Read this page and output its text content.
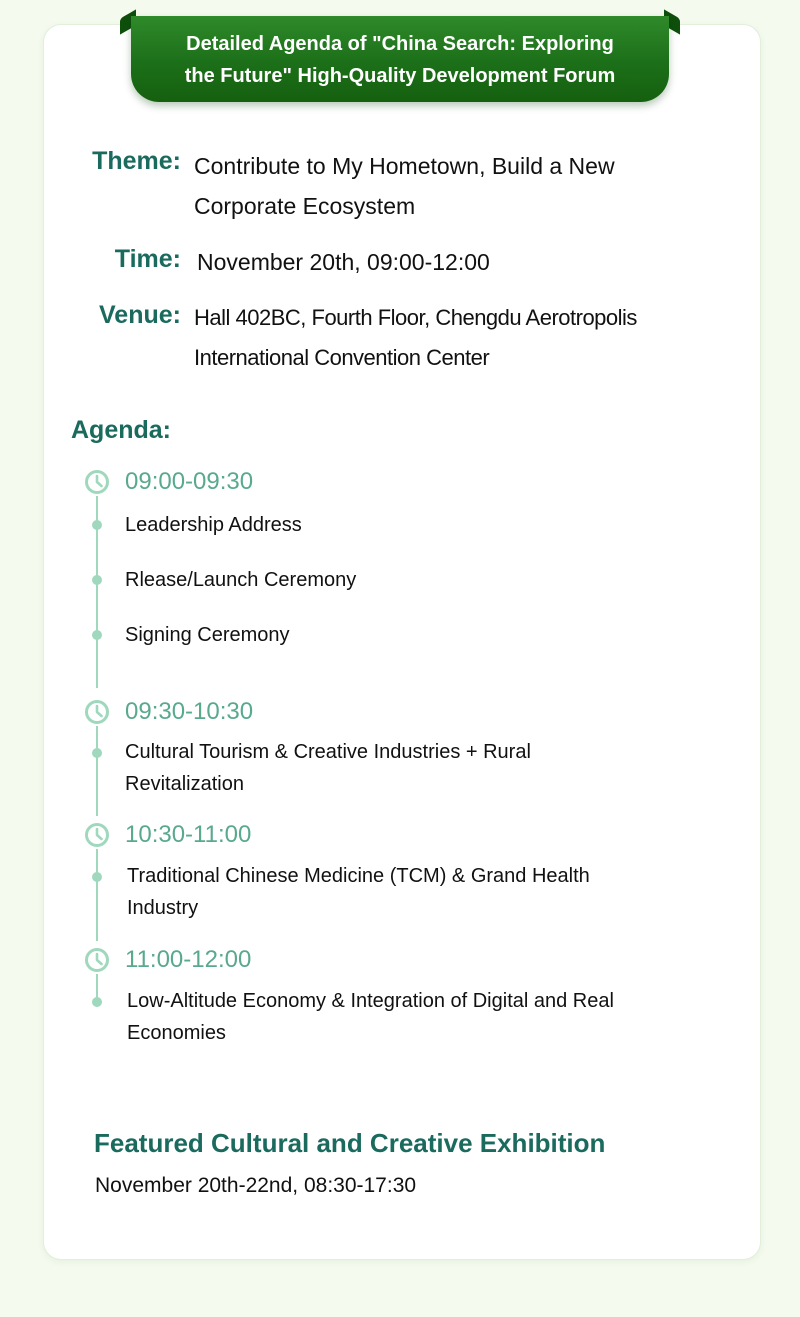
Detailed Agenda of "China Search: Exploring
the Future" High-Quality Development Forum
Theme: Contribute to My Hometown, Build a New
Corporate Ecosystem
Time: November 20th, 09:00-12:00
Venue: Hall 402BC, Fourth Floor, Chengdu Aerotropolis
International Convention Center
Agenda:
09:00-09:30
Leadership Address
Rlease/Launch Ceremony
Signing Ceremony
09:30-10:30
Cultural Tourism & Creative Industries + Rural
Revitalization
10:30-11:00
Traditional Chinese Medicine (TCM) & Grand Health
Industry
11:00-12:00
Low-Altitude Economy & Integration of Digital and Real
Economies
Featured Cultural and Creative Exhibition
November 20th-22nd, 08:30-17:30
